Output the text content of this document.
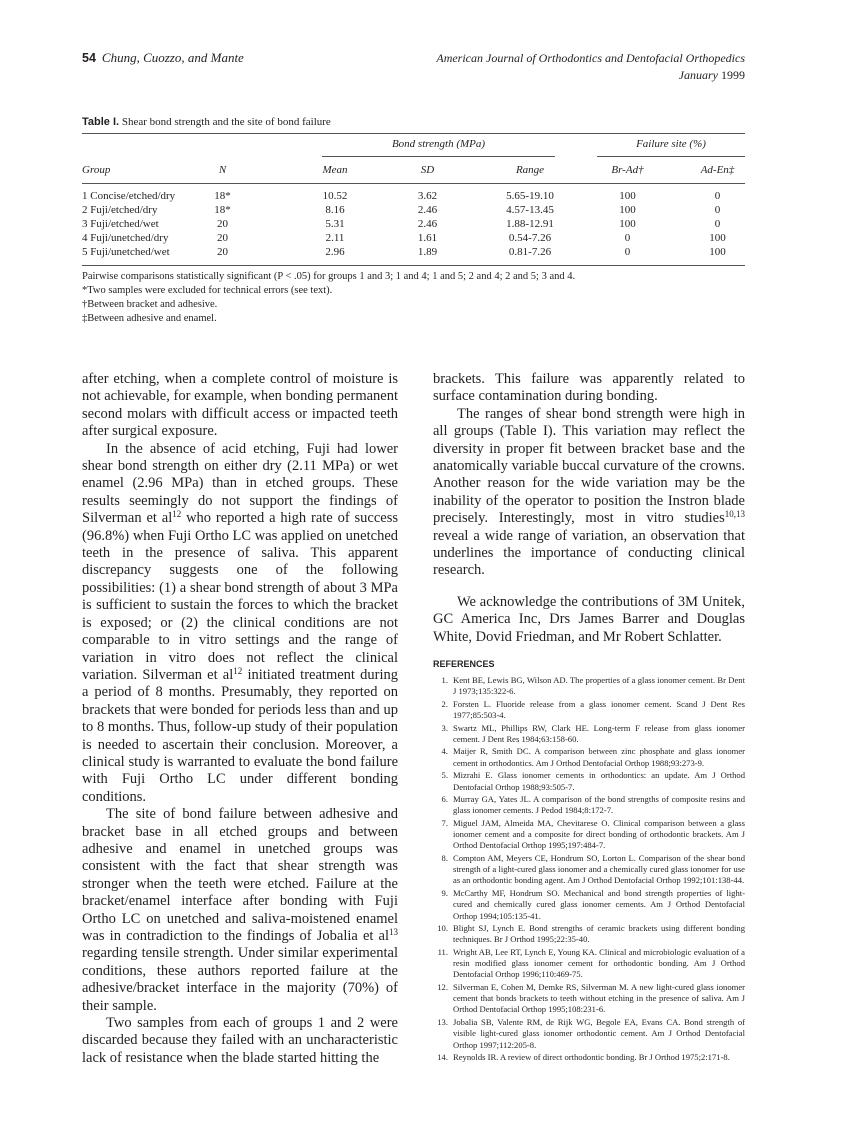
54 Chung, Cuozzo, and Mante	American Journal of Orthodontics and Dentofacial Orthopedics
January 1999
Table I. Shear bond strength and the site of bond failure
Bond strength (MPa)	Failure site (%)
Group	N	Mean	SD	Range	Br-Ad†	Ad-En‡
1 Concise/etched/dry	18*	10.52	3.62	5.65-19.10	100	0
2 Fuji/etched/dry	18*	8.16	2.46	4.57-13.45	100	0
3 Fuji/etched/wet	20	5.31	2.46	1.88-12.91	100	0
4 Fuji/unetched/dry	20	2.11	1.61	0.54-7.26	0	100
5 Fuji/unetched/wet	20	2.96	1.89	0.81-7.26	0	100
Pairwise comparisons statistically significant (P < .05) for groups 1 and 3; 1 and 4; 1 and 5; 2 and 4; 2 and 5; 3 and 4.
*Two samples were excluded for technical errors (see text).
†Between bracket and adhesive.
‡Between adhesive and enamel.

after etching, when a complete control of moisture is not achievable, for example, when bonding permanent second molars with difficult access or impacted teeth after surgical exposure.

In the absence of acid etching, Fuji had lower shear bond strength on either dry (2.11 MPa) or wet enamel (2.96 MPa) than in etched groups. These results seemingly do not support the findings of Silverman et $al^{12}$ who reported a high rate of success (96.8%) when Fuji Ortho LC was applied on unetched teeth in the presence of saliva. This apparent discrepancy suggests one of the following possibilities: (1) a shear bond strength of about 3 MPa is sufficient to sustain the forces to which the bracket is exposed; or (2) the clinical conditions are not comparable to in vitro settings and the range of variation in vitro does not reflect the clinical variation. Silverman et $al^{12}$ initiated treatment during a period of 8 months. Presumably, they reported on brackets that were bonded for periods less than and up to 8 months. Thus, follow-up study of their population is needed to ascertain their conclusion. Moreover, a clinical study is warranted to evaluate the bond failure with Fuji Ortho LC under different bonding conditions.

The site of bond failure between adhesive and bracket base in all etched groups and between adhesive and enamel in unetched groups was consistent with the fact that shear strength was stronger when the teeth were etched. Failure at the bracket/enamel interface after bonding with Fuji Ortho LC on unetched and saliva-moistened enamel was in contradiction to the findings of Jobalia et $al^{13}$ regarding tensile strength. Under similar experimental conditions, these authors reported failure at the adhesive/bracket interface in the majority (70%) of their sample.

Two samples from each of groups 1 and 2 were discarded because they failed with an uncharacteristic lack of resistance when the blade started hitting the

brackets. This failure was apparently related to surface contamination during bonding.

The ranges of shear bond strength were high in all groups (Table I). This variation may reflect the diversity in proper fit between bracket base and the anatomically variable buccal curvature of the crowns. Another reason for the wide variation may be the inability of the operator to position the Instron blade precisely. Interestingly, most in vitro studies$^{10,13}$ reveal a wide range of variation, an observation that underlines the importance of conducting clinical research.

We acknowledge the contributions of 3M Unitek, GC America Inc, Drs James Barrer and Douglas White, Dovid Friedman, and Mr Robert Schlatter.

REFERENCES
1. Kent BE, Lewis BG, Wilson AD. The properties of a glass ionomer cement. Br Dent J 1973;135:322-6.
2. Forsten L. Fluoride release from a glass ionomer cement. Scand J Dent Res 1977;85:503-4.
3. Swartz ML, Phillips RW, Clark HE. Long-term F release from glass ionomer cement. J Dent Res 1984;63:158-60.
4. Maijer R, Smith DC. A comparison between zinc phosphate and glass ionomer cement in orthodontics. Am J Orthod Dentofacial Orthop 1988;93:273-9.
5. Mizrahi E. Glass ionomer cements in orthodontics: an update. Am J Orthod Dentofacial Orthop 1988;93:505-7.
6. Murray GA, Yates JL. A comparison of the bond strengths of composite resins and glass ionomer cements. J Pedod 1984;8:172-7.
7. Miguel JAM, Almeida MA, Chevitarese O. Clinical comparison between a glass ionomer cement and a composite for direct bonding of orthodontic brackets. Am J Orthod Dentofacial Orthop 1995;197:484-7.
8. Compton AM, Meyers CE, Hondrum SO, Lorton L. Comparison of the shear bond strength of a light-cured glass ionomer and a chemically cured glass ionomer for use as an orthodontic bonding agent. Am J Orthod Dentofacial Orthop 1992;101:138-44.
9. McCarthy MF, Hondrum SO. Mechanical and bond strength properties of light-cured and chemically cured glass ionomer cements. Am J Orthod Dentofacial Orthop 1994;105:135-41.
10. Blight SJ, Lynch E. Bond strengths of ceramic brackets using different bonding techniques. Br J Orthod 1995;22:35-40.
11. Wright AB, Lee RT, Lynch E, Young KA. Clinical and microbiologic evaluation of a resin modified glass ionomer cement for orthodontic bonding. Am J Orthod Dentofacial Orthop 1996;110:469-75.
12. Silverman E, Cohen M, Demke RS, Silverman M. A new light-cured glass ionomer cement that bonds brackets to teeth without etching in the presence of saliva. Am J Orthod Dentofacial Orthop 1995;108:231-6.
13. Jobalia SB, Valente RM, de Rijk WG, Begole EA, Evans CA. Bond strength of visible light-cured glass ionomer orthodontic cement. Am J Orthod Dentofacial Orthop 1997;112:205-8.
14. Reynolds IR. A review of direct orthodontic bonding. Br J Orthod 1975;2:171-8.
